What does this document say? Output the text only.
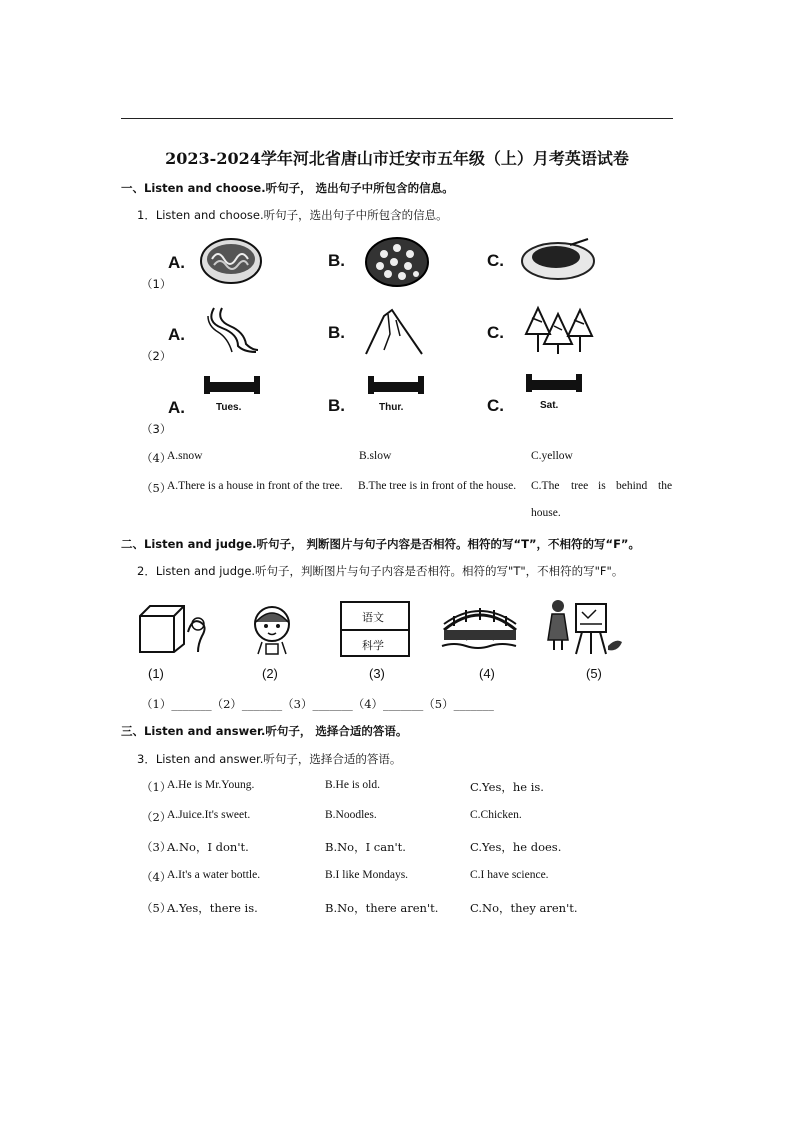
2023-2024学年河北省唐山市迁安市五年级（上）月考英语试卷
一、Listen and choose.听句子， 选出句子中所包含的信息。
1．Listen and choose.听句子，选出句子中所包含的信息。
A.	B.	C.
（1）
A.	B.	C.
（2）
A.	B.	C.
Tues.	Thur.	Sat.
（3）
（4）
A.snow	B.slow	C.yellow
（5）
A.There is a house in front of the tree. B.The tree is in front of the house. C.The tree is behind the
house.
二、Listen and judge.听句子， 判断图片与句子内容是否相符。相符的写“T”，不相符的写“F”。
2．Listen and judge.听句子，判断图片与句子内容是否相符。相符的写"T"，不相符的写"F"。
语文
科学
(1)	(2)	(3)	(4)	(5)
（1）_______（2）_______（3）_______（4）_______（5）_______
三、Listen and answer.听句子， 选择合适的答语。
3．Listen and answer.听句子，选择合适的答语。
（1）
A.He is Mr.Young.	B.He is old.	C.Yes，he is.
（2）
A.Juice.It's sweet.	B.Noodles.	C.Chicken.
（3）
A.No，I don't.	B.No，I can't.	C.Yes，he does.
（4）
A.It's a water bottle.	B.I like Mondays.	C.I have science.
（5）
A.Yes，there is.	B.No，there aren't.	C.No，they aren't.
